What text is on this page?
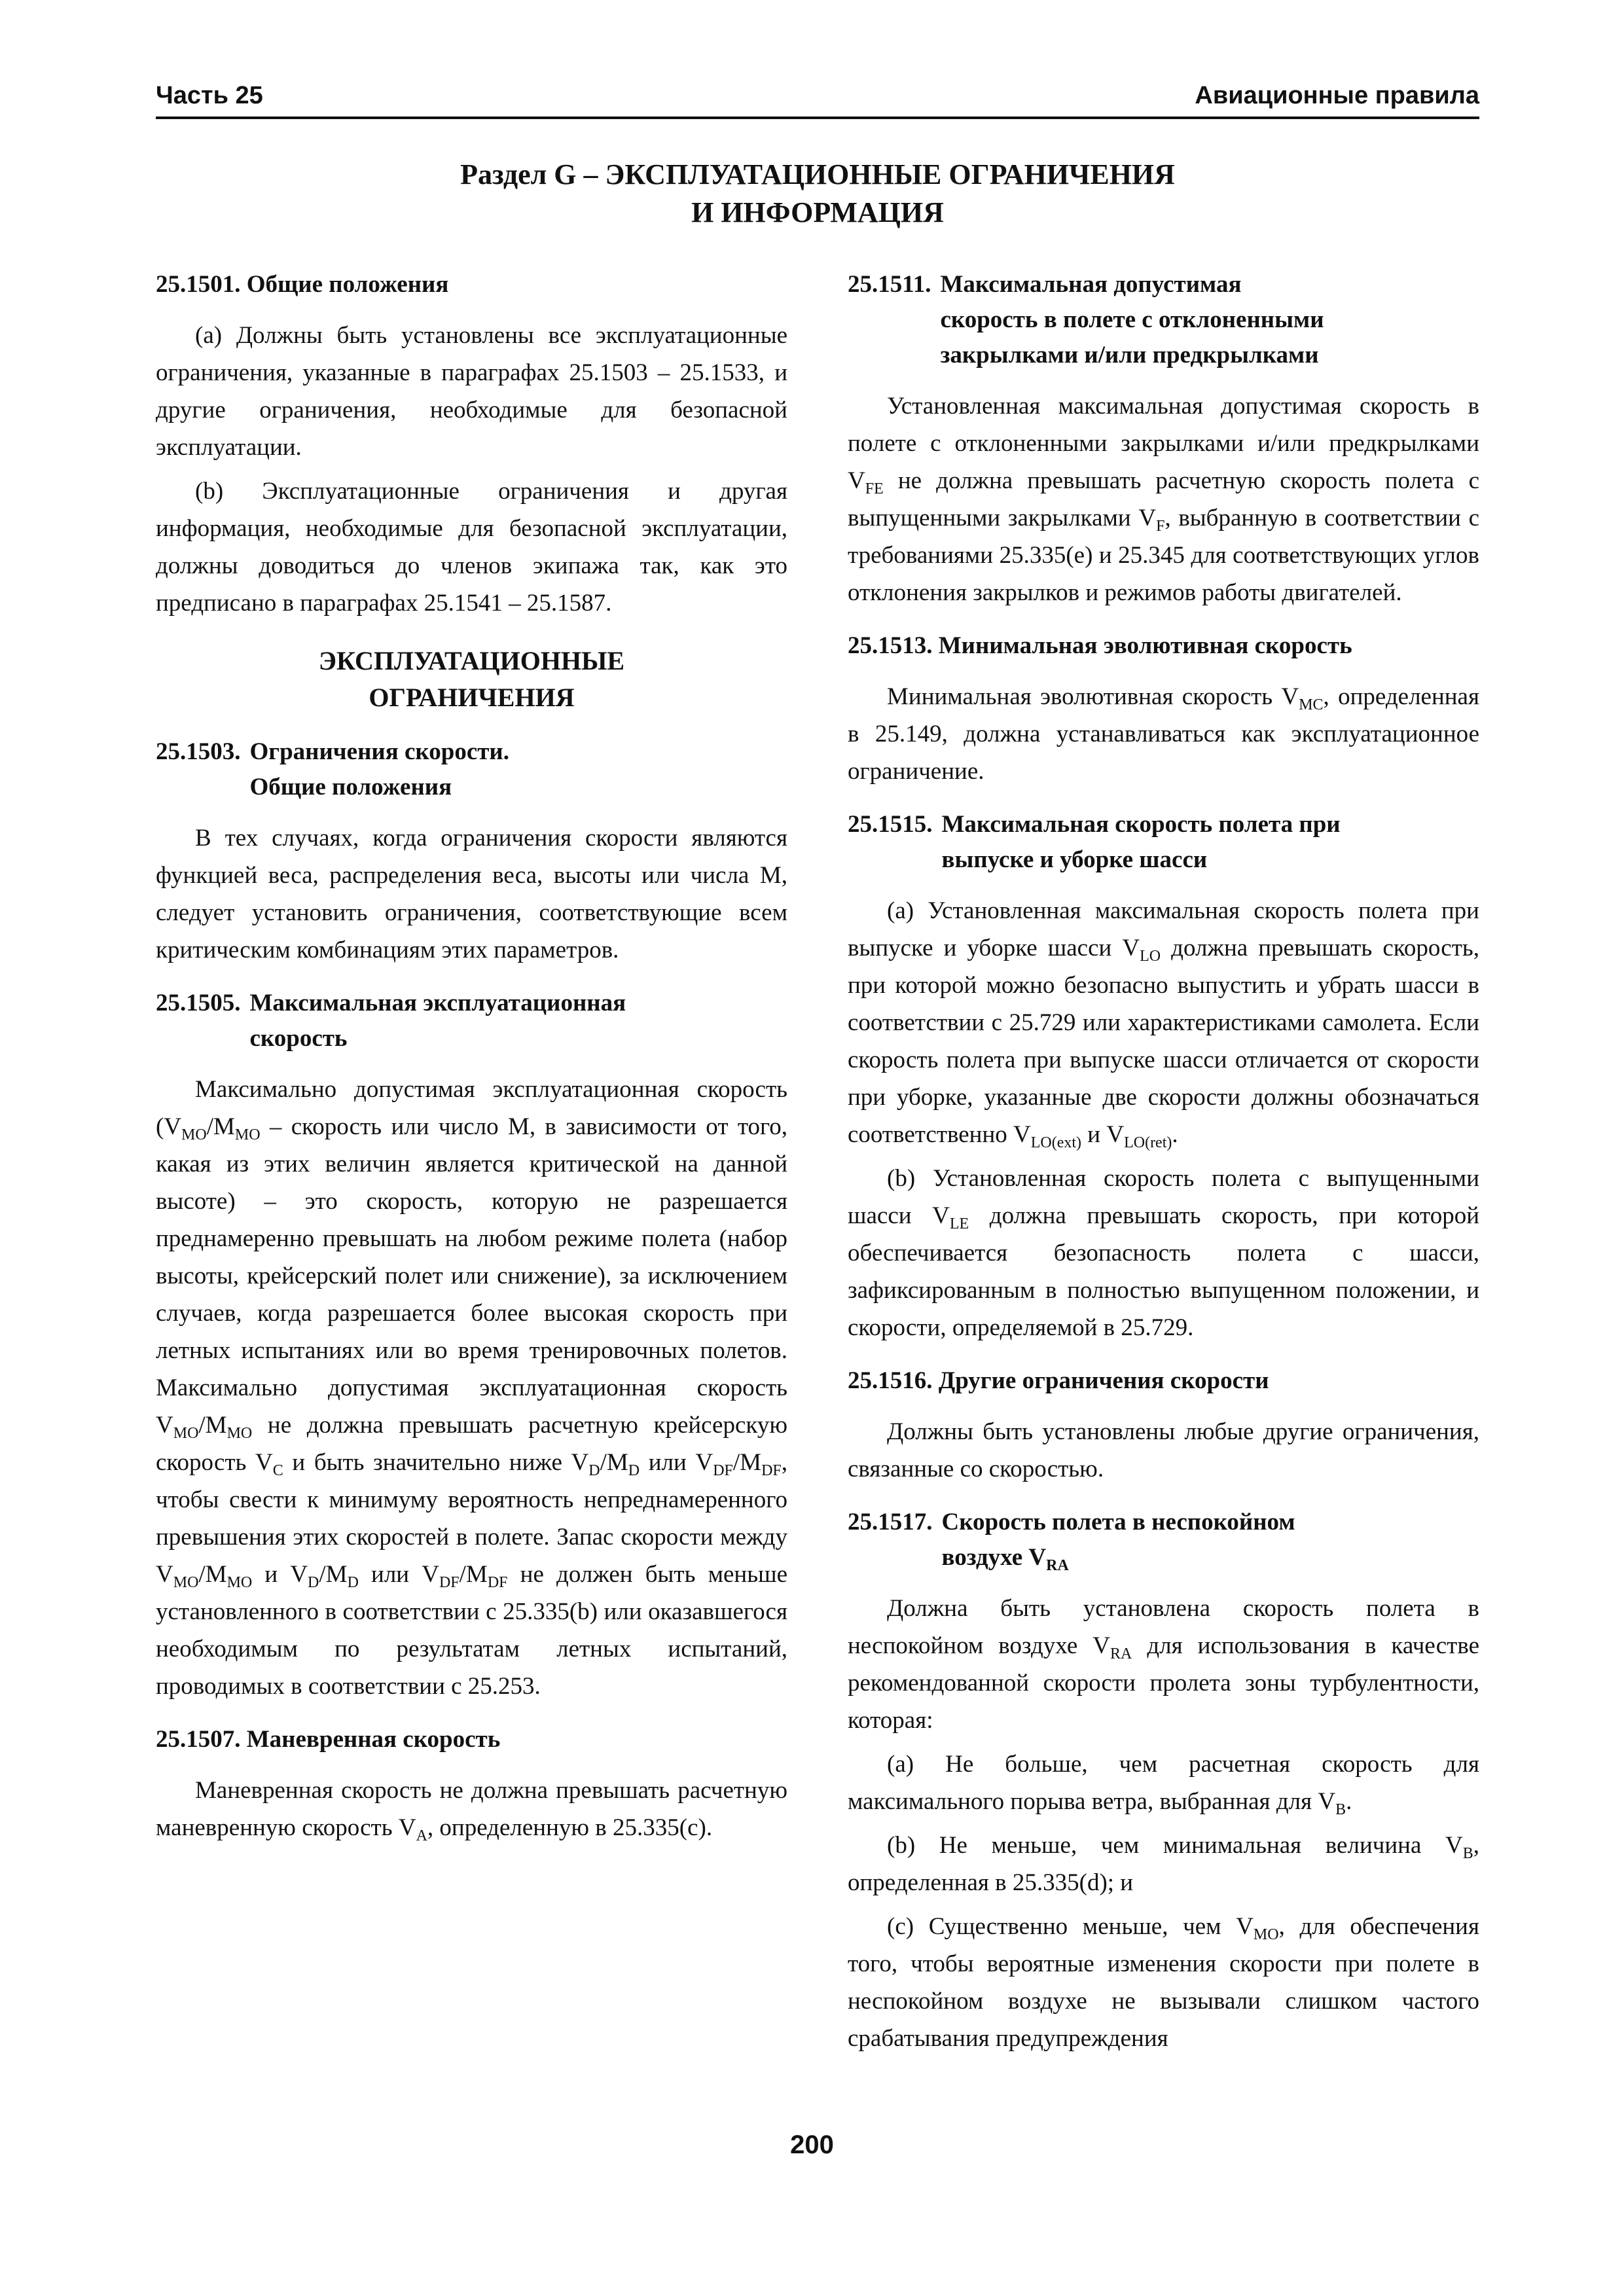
Часть 25	Авиационные правила
Раздел G – ЭКСПЛУАТАЦИОННЫЕ ОГРАНИЧЕНИЯ
И ИНФОРМАЦИЯ
25.1501. Общие положения

(a) Должны быть установлены все эксплуатационные ограничения, указанные в параграфах 25.1503 – 25.1533, и другие ограничения, необходимые для безопасной эксплуатации.

(b) Эксплуатационные ограничения и другая информация, необходимые для безопасной эксплуатации, должны доводиться до членов экипажа так, как это предписано в параграфах 25.1541 – 25.1587.

ЭКСПЛУАТАЦИОННЫЕ
ОГРАНИЧЕНИЯ
25.1503. Ограничения скорости.
Общие положения

В тех случаях, когда ограничения скорости являются функцией веса, распределения веса, высоты или числа М, следует установить ограничения, соответствующие всем критическим комбинациям этих параметров.

25.1505. Максимальная эксплуатационная
скорость

Максимально допустимая эксплуатационная скорость ($V_{MO}/M_{MO}$ – скорость или число М, в зависимости от того, какая из этих величин является критической на данной высоте) – это скорость, которую не разрешается преднамеренно превышать на любом режиме полета (набор высоты, крейсерский полет или снижение), за исключением случаев, когда разрешается более высокая скорость при летных испытаниях или во время тренировочных полетов. Максимально допустимая эксплуатационная скорость $V_{MO}/M_{MO}$ не должна превышать расчетную крейсерскую скорость $V_C$ и быть значительно ниже $V_D/M_D$ или $V_{DF}/M_{DF}$, чтобы свести к минимуму вероятность непреднамеренного превышения этих скоростей в полете. Запас скорости между $V_{MO}/M_{MO}$ и $V_D/M_D$ или $V_{DF}/M_{DF}$ не должен быть меньше установленного в соответствии с 25.335(b) или оказавшегося необходимым по результатам летных испытаний, проводимых в соответствии с 25.253.

25.1507. Маневренная скорость

Маневренная скорость не должна превышать расчетную маневренную скорость $V_A$, определенную в 25.335(c).

25.1511. Максимальная допустимая
скорость в полете с отклоненными
закрылками и/или предкрылками

Установленная максимальная допустимая скорость в полете с отклоненными закрылками и/или предкрылками $V_{FE}$ не должна превышать расчетную скорость полета с выпущенными закрылками $V_F$, выбранную в соответствии с требованиями 25.335(e) и 25.345 для соответствующих углов отклонения закрылков и режимов работы двигателей.

25.1513. Минимальная эволютивная скорость

Минимальная эволютивная скорость $V_{MC}$, определенная в 25.149, должна устанавливаться как эксплуатационное ограничение.

25.1515. Максимальная скорость полета при
выпуске и уборке шасси

(a) Установленная максимальная скорость полета при выпуске и уборке шасси $V_{LO}$ должна превышать скорость, при которой можно безопасно выпустить и убрать шасси в соответствии с 25.729 или характеристиками самолета. Если скорость полета при выпуске шасси отличается от скорости при уборке, указанные две скорости должны обозначаться соответственно $V_{LO(ext)}$ и $V_{LO(ret)}$.

(b) Установленная скорость полета с выпущенными шасси $V_{LE}$ должна превышать скорость, при которой обеспечивается безопасность полета с шасси, зафиксированным в полностью выпущенном положении, и скорости, определяемой в 25.729.

25.1516. Другие ограничения скорости

Должны быть установлены любые другие ограничения, связанные со скоростью.

25.1517. Скорость полета в неспокойном
воздухе $V_{RA}$

Должна быть установлена скорость полета в неспокойном воздухе $V_{RA}$ для использования в качестве рекомендованной скорости пролета зоны турбулентности, которая:

(a) Не больше, чем расчетная скорость для максимального порыва ветра, выбранная для $V_B$.

(b) Не меньше, чем минимальная величина $V_B$, определенная в 25.335(d); и

(c) Существенно меньше, чем $V_{MO}$, для обеспечения того, чтобы вероятные изменения скорости при полете в неспокойном воздухе не вызывали слишком частого срабатывания предупреждения

200
